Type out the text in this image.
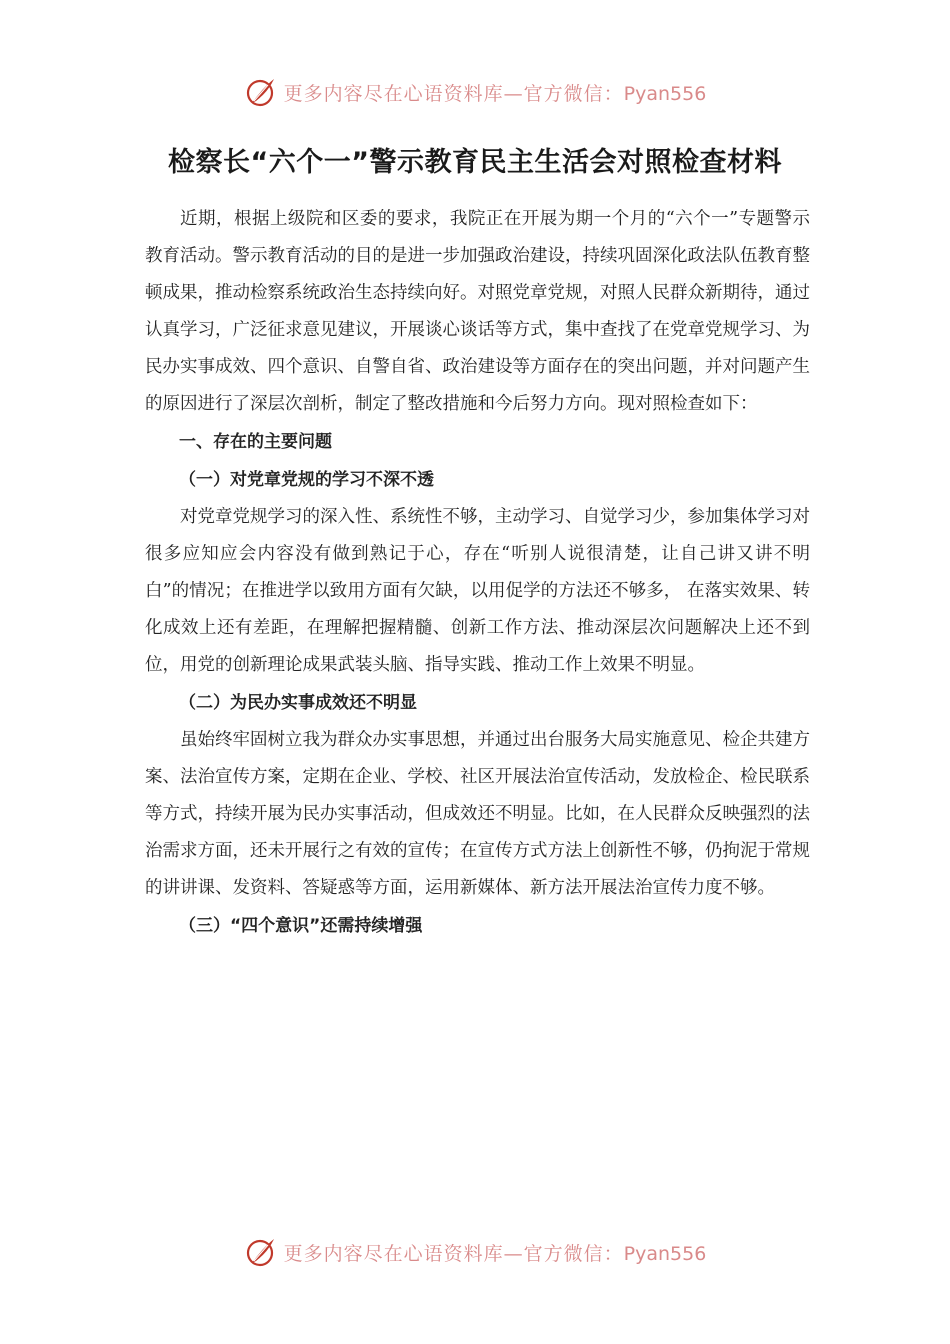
更多内容尽在心语资料库—官方微信：Pyan556
检察长“六个一”警示教育民主生活会对照检查材料

近期，根据上级院和区委的要求，我院正在开展为期一个月的“六个一”专题警示教育活动。警示教育活动的目的是进一步加强政治建设，持续巩固深化政法队伍教育整顿成果，推动检察系统政治生态持续向好。对照党章党规，对照人民群众新期待，通过认真学习，广泛征求意见建议，开展谈心谈话等方式，集中查找了在党章党规学习、为民办实事成效、四个意识、自警自省、政治建设等方面存在的突出问题，并对问题产生的原因进行了深层次剖析，制定了整改措施和今后努力方向。现对照检查如下：

一、存在的主要问题
（一）对党章党规的学习不深不透

对党章党规学习的深入性、系统性不够，主动学习、自觉学习少，参加集体学习对很多应知应会内容没有做到熟记于心，存在“听别人说很清楚，让自己讲又讲不明白”的情况；在推进学以致用方面有欠缺，以用促学的方法还不够多， 在落实效果、转化成效上还有差距，在理解把握精髓、创新工作方法、推动深层次问题解决上还不到位，用党的创新理论成果武装头脑、指导实践、推动工作上效果不明显。

（二）为民办实事成效还不明显

虽始终牢固树立我为群众办实事思想，并通过出台服务大局实施意见、检企共建方案、法治宣传方案，定期在企业、学校、社区开展法治宣传活动，发放检企、检民联系等方式，持续开展为民办实事活动，但成效还不明显。比如，在人民群众反映强烈的法治需求方面，还未开展行之有效的宣传；在宣传方式方法上创新性不够，仍拘泥于常规的讲讲课、发资料、答疑惑等方面，运用新媒体、新方法开展法治宣传力度不够。

（三）“四个意识”还需持续增强
更多内容尽在心语资料库—官方微信：Pyan556
